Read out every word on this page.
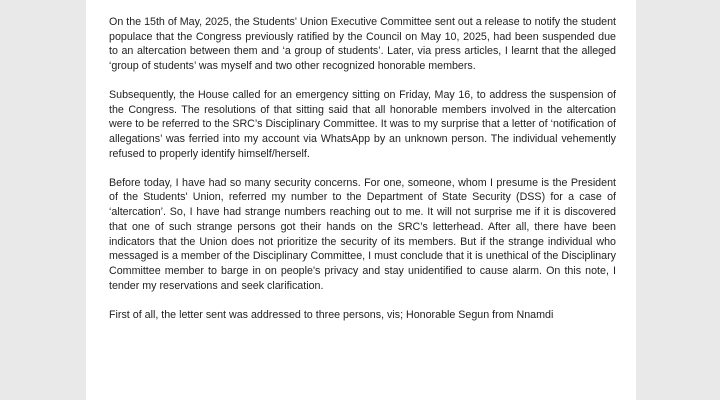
On the 15th of May, 2025, the Students' Union Executive Committee sent out a release to notify the student populace that the Congress previously ratified by the Council on May 10, 2025, had been suspended due to an altercation between them and ‘a group of students’. Later, via press articles, I learnt that the alleged ‘group of students’ was myself and two other recognized honorable members.

Subsequently, the House called for an emergency sitting on Friday, May 16, to address the suspension of the Congress. The resolutions of that sitting said that all honorable members involved in the altercation were to be referred to the SRC’s Disciplinary Committee. It was to my surprise that a letter of ‘notification of allegations’ was ferried into my account via WhatsApp by an unknown person. The individual vehemently refused to properly identify himself/herself.

Before today, I have had so many security concerns. For one, someone, whom I presume is the President of the Students' Union, referred my number to the Department of State Security (DSS) for a case of ‘altercation’. So, I have had strange numbers reaching out to me. It will not surprise me if it is discovered that one of such strange persons got their hands on the SRC’s letterhead. After all, there have been indicators that the Union does not prioritize the security of its members. But if the strange individual who messaged is a member of the Disciplinary Committee, I must conclude that it is unethical of the Disciplinary Committee member to barge in on people's privacy and stay unidentified to cause alarm. On this note, I tender my reservations and seek clarification.

First of all, the letter sent was addressed to three persons, vis; Honorable Segun from Nnamdi
